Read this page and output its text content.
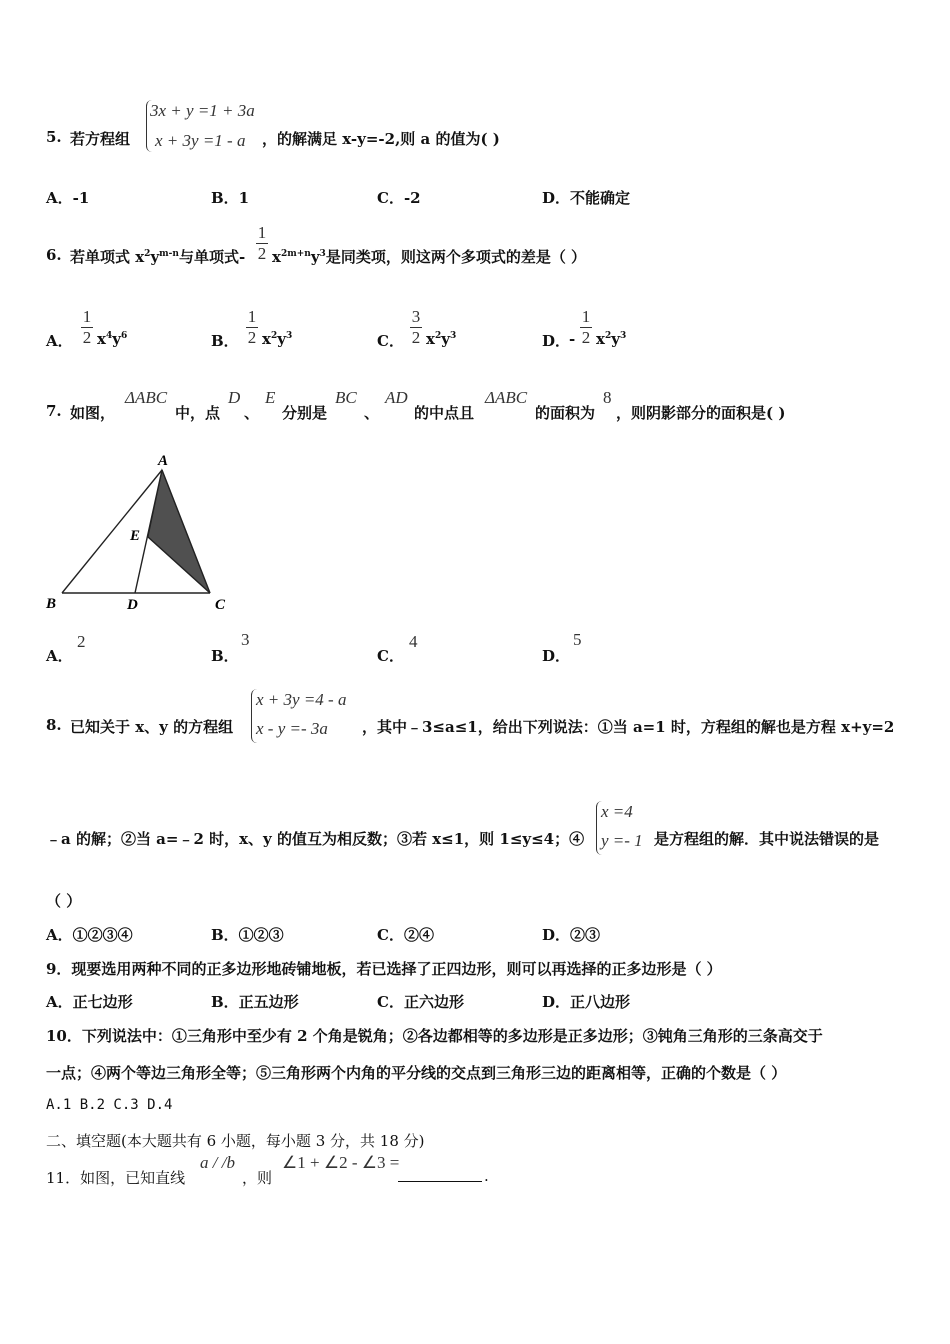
5. 若方程组
3x + y =1 + 3a
x + 3y =1 - a ，的解满足 x-y=-2,则 a 的值为( )
A．-1	B．1	C．-2	D．不能确定
6. 若单项式 $x^2y^{m-n}$与单项式-
1
2 $x^{2m+n}y^3$是同类项，则这两个多项式的差是（ ）
A．
1
2 $x^4y^6$	B．
1
2 $x^2y^3$	C．
3
2 $x^2y^3$	D．
-
1
2 $x^2y^3$
7. 如图，
ΔABC
中，点
D
、
E
分别是
BC
、
AD
的中点且
ΔABC
的面积为
8
，则阴影部分的面积是( )
A
B	C
D
E
A．
2
B．
3
C．
4
D．
5
8. 已知关于 x、y 的方程组
x + 3y =4 - a
x - y =- 3a ，其中﹣3≤a≤1，给出下列说法：①当 a=1 时，方程组的解也是方程 x+y=2
﹣a 的解；②当 a=﹣2 时，x、y 的值互为相反数；③若 x≤1，则 1≤y≤4；④
x =4
y =- 1 是方程组的解．其中说法错误的是
（ ）
A．①②③④	B．①②③	C．②④	D．②③
9．现要选用两种不同的正多边形地砖铺地板，若已选择了正四边形，则可以再选择的正多边形是（ ）
A．正七边形	B．正五边形	C．正六边形	D．正八边形
10．下列说法中：①三角形中至少有 2 个角是锐角；②各边都相等的多边形是正多边形；③钝角三角形的三条高交于
一点；④两个等边三角形全等；⑤三角形两个内角的平分线的交点到三角形三边的距离相等，正确的个数是（ ）
A.1 B.2 C.3 D.4
二、填空题(本大题共有 6 小题，每小题 3 分，共 18 分)
11．如图，已知直线
a / /b
，则
∠1 + ∠2 - ∠3 =
.
